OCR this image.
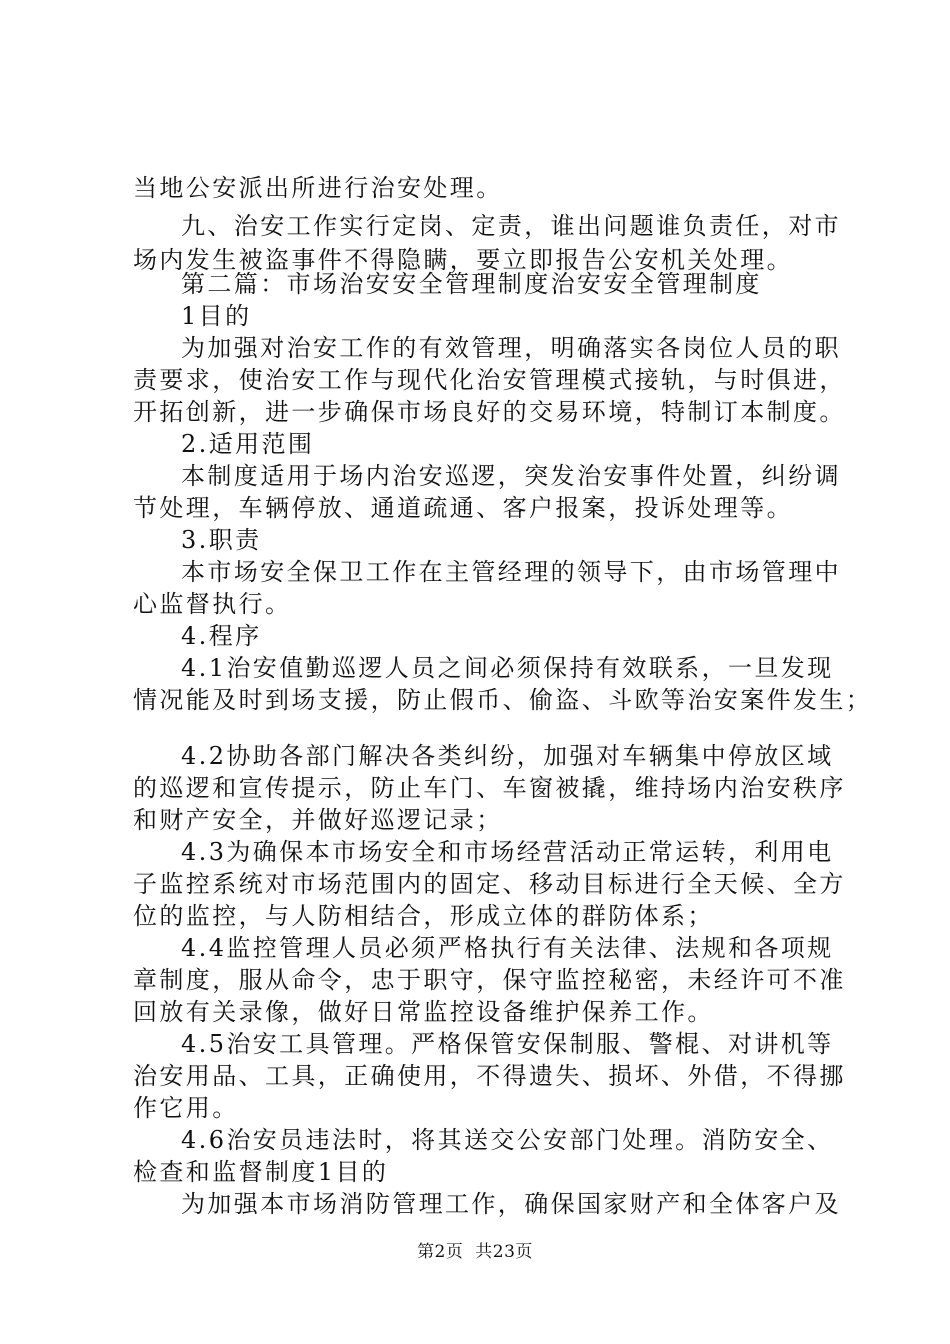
当地公安派出所进行治安处理。
九、治安工作实行定岗、定责，谁出问题谁负责任，对市
场内发生被盗事件不得隐瞒，要立即报告公安机关处理。
第二篇：市场治安安全管理制度治安安全管理制度
1目的
为加强对治安工作的有效管理，明确落实各岗位人员的职
责要求，使治安工作与现代化治安管理模式接轨，与时俱进，
开拓创新，进一步确保市场良好的交易环境，特制订本制度。
2.适用范围
本制度适用于场内治安巡逻，突发治安事件处置，纠纷调
节处理，车辆停放、通道疏通、客户报案，投诉处理等。
3.职责
本市场安全保卫工作在主管经理的领导下，由市场管理中
心监督执行。
4.程序
4.1治安值勤巡逻人员之间必须保持有效联系，一旦发现
情况能及时到场支援，防止假币、偷盗、斗欧等治安案件发生；
4.2协助各部门解决各类纠纷，加强对车辆集中停放区域
的巡逻和宣传提示，防止车门、车窗被撬，维持场内治安秩序
和财产安全，并做好巡逻记录；
4.3为确保本市场安全和市场经营活动正常运转，利用电
子监控系统对市场范围内的固定、移动目标进行全天候、全方
位的监控，与人防相结合，形成立体的群防体系；
4.4监控管理人员必须严格执行有关法律、法规和各项规
章制度，服从命令，忠于职守，保守监控秘密，未经许可不准
回放有关录像，做好日常监控设备维护保养工作。
4.5治安工具管理。严格保管安保制服、警棍、对讲机等
治安用品、工具，正确使用，不得遗失、损坏、外借，不得挪
作它用。
4.6治安员违法时，将其送交公安部门处理。消防安全、
检查和监督制度1目的
为加强本市场消防管理工作，确保国家财产和全体客户及
第2页 共23页
